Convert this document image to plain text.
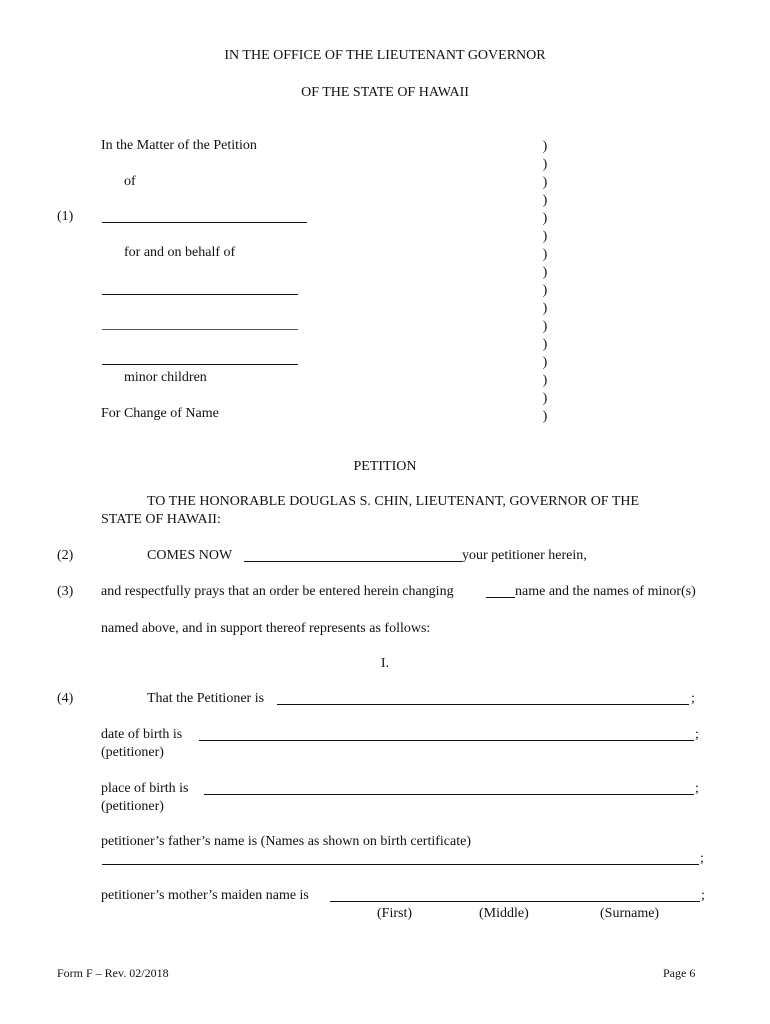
IN THE OFFICE OF THE LIEUTENANT GOVERNOR
OF THE STATE OF HAWAII
In the Matter of the Petition
of
(1)
for and on behalf of
minor children
For Change of Name
)
)
)
)
)
)
)
)
)
)
)
)
)
)
)
)
PETITION
TO THE HONORABLE DOUGLAS S. CHIN, LIEUTENANT, GOVERNOR OF THE
STATE OF HAWAII:
(2)	COMES NOW	your petitioner herein,
(3) and respectfully prays that an order be entered herein changing	name and the names of minor(s)
named above, and in support thereof represents as follows:
I.
(4)	That the Petitioner is	;
date of birth is	;
(petitioner)
place of birth is	;
(petitioner)
petitioner’s father’s name is (Names as shown on birth certificate)
;
petitioner’s mother’s maiden name is	;
(First)	(Middle)	(Surname)
Form F – Rev. 02/2018	Page 6
